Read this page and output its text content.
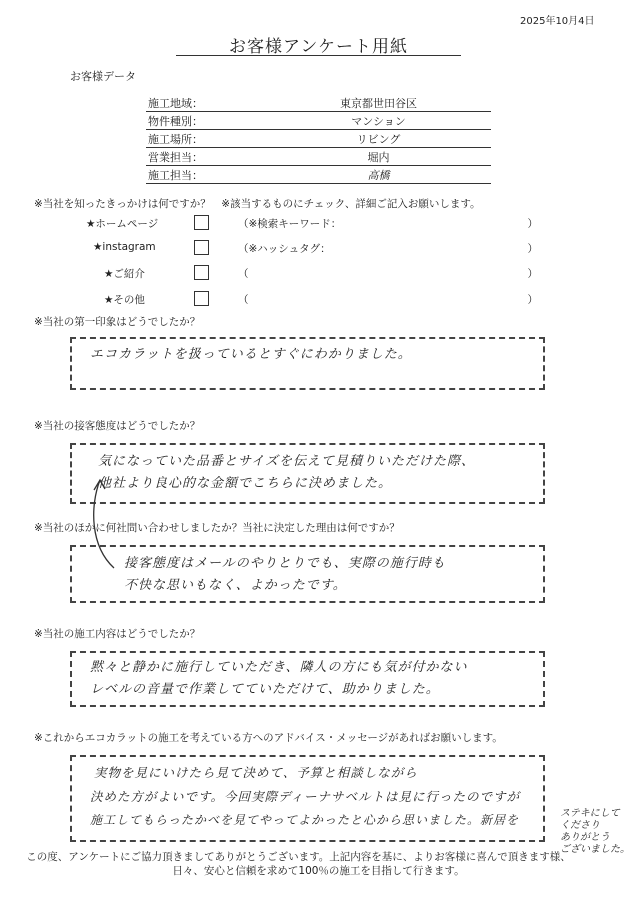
2025年10月4日
お客様アンケート用紙
お客様データ
施工地域：	東京都世田谷区
物件種別：	マンション
施工場所：	リビング
営業担当：	堀内
施工担当：	高橋
※当社を知ったきっかけは何ですか？　※該当するものにチェック、詳細ご記入お願いします。
★ホームページ	（※検索キーワード：	）
★instagram	（※ハッシュタグ：	）
★ご紹介	（	）
★その他	（	）
※当社の第一印象はどうでしたか？
エコカラットを扱っているとすぐにわかりました。
※当社の接客態度はどうでしたか？
気になっていた品番とサイズを伝えて見積りいただけた際、
他社より良心的な金額でこちらに決めました。
※当社のほかに何社問い合わせしましたか？当社に決定した理由は何ですか？
接客態度はメールのやりとりでも、実際の施行時も
不快な思いもなく、よかったです。
※当社の施工内容はどうでしたか？
黙々と静かに施行していただき、隣人の方にも気が付かない
レベルの音量で作業してていただけて、助かりました。
※これからエコカラットの施工を考えている方へのアドバイス・メッセージがあればお願いします。
実物を見にいけたら見て決めて、予算と相談しながら
決めた方がよいです。今回実際ディーナサベルトは見に行ったのですが
施工してもらったかべを見てやってよかったと心から思いました。新居を	ステキにして
くださり
ありがとう
ございました。
この度、アンケートにご協力頂きましてありがとうございます。上記内容を基に、よりお客様に喜んで頂きます様、
日々、安心と信頼を求めて100％の施工を目指して行きます。
